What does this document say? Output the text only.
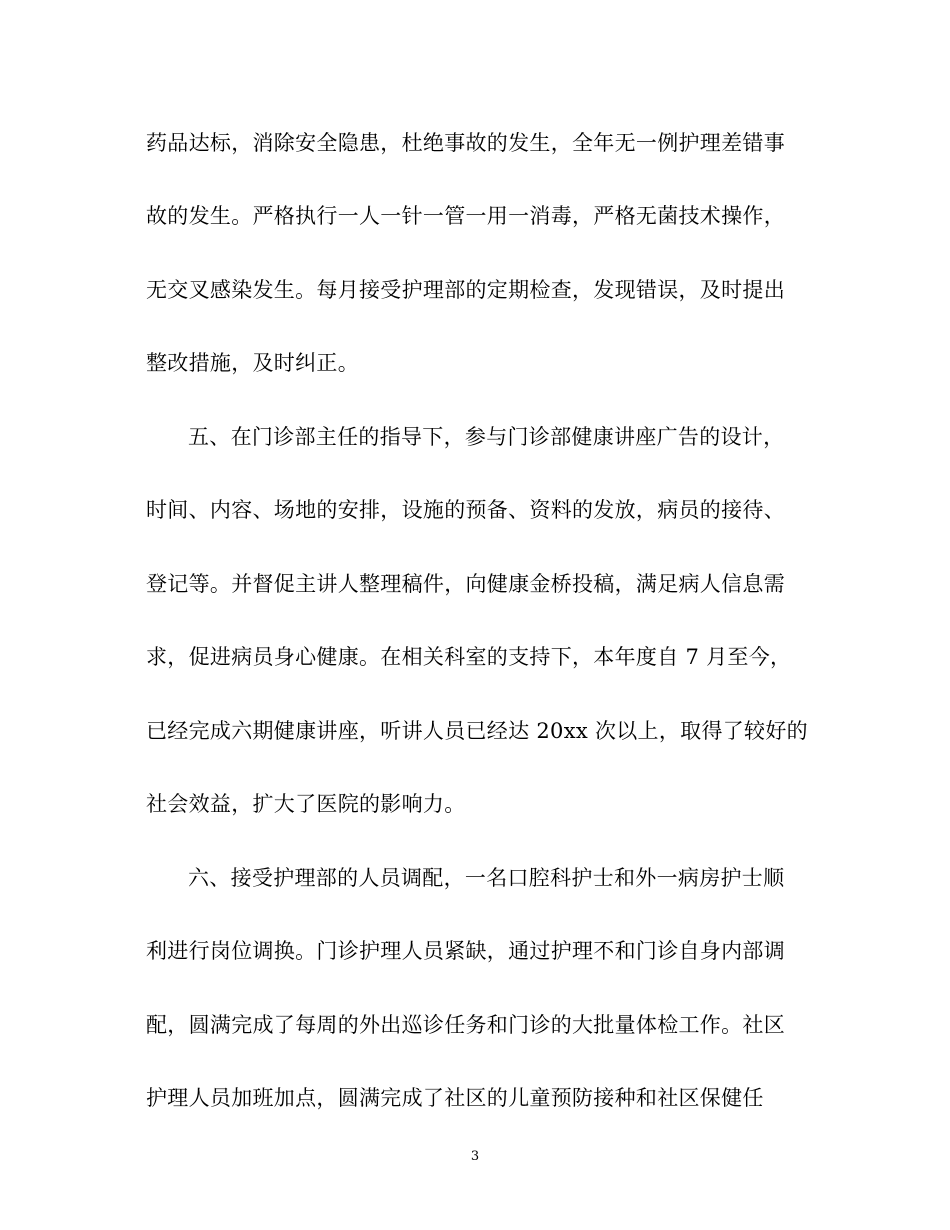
药品达标，消除安全隐患，杜绝事故的发生，全年无一例护理差错事
故的发生。严格执行一人一针一管一用一消毒，严格无菌技术操作，
无交叉感染发生。每月接受护理部的定期检查，发现错误，及时提出
整改措施，及时纠正。
五、在门诊部主任的指导下，参与门诊部健康讲座广告的设计，
时间、内容、场地的安排，设施的预备、资料的发放，病员的接待、
登记等。并督促主讲人整理稿件，向健康金桥投稿，满足病人信息需
求，促进病员身心健康。在相关科室的支持下，本年度自 7 月至今，
已经完成六期健康讲座，听讲人员已经达 20xx 次以上，取得了较好的
社会效益，扩大了医院的影响力。
六、接受护理部的人员调配，一名口腔科护士和外一病房护士顺
利进行岗位调换。门诊护理人员紧缺，通过护理不和门诊自身内部调
配，圆满完成了每周的外出巡诊任务和门诊的大批量体检工作。社区
护理人员加班加点，圆满完成了社区的儿童预防接种和社区保健任
3
